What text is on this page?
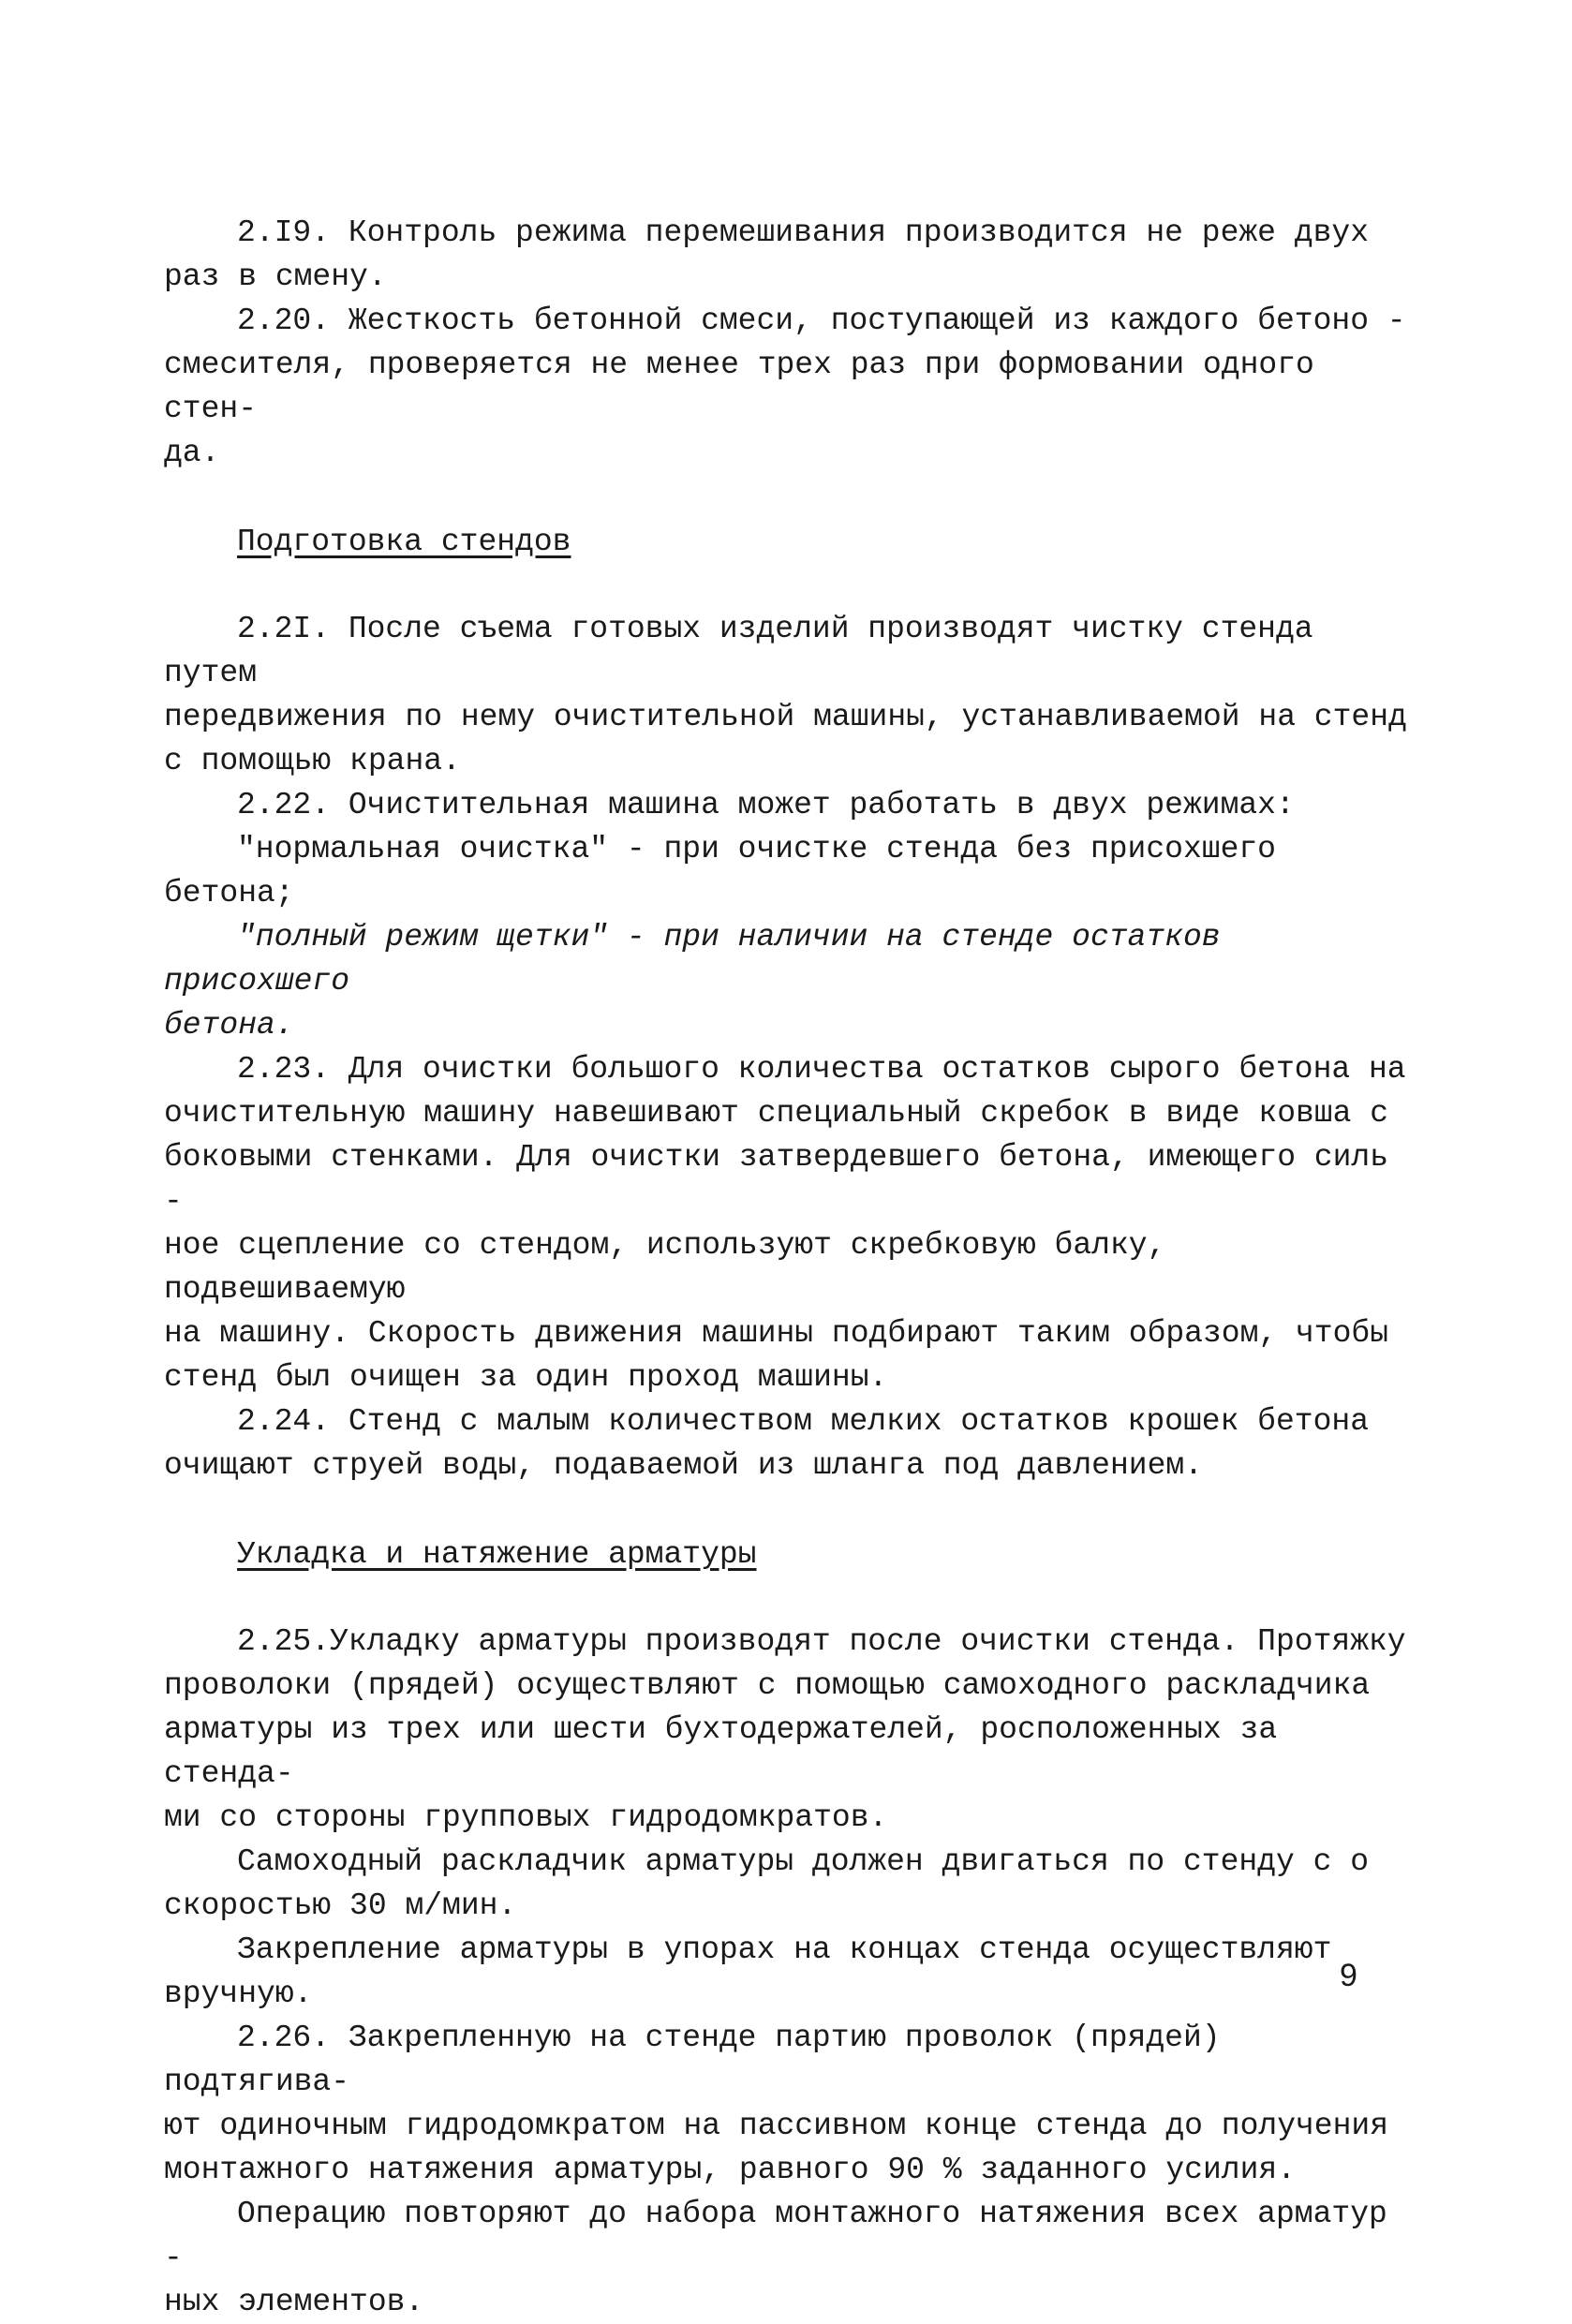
2.I9. Контроль режима перемешивания производится не реже двух
раз в смену.

2.20. Жесткость бетонной смеси, поступающей из каждого бетоно -
смесителя, проверяется не менее трех раз при формовании одного стен-
да.

Подготовка стендов

2.2I. После съема готовых изделий производят чистку стенда путем
передвижения по нему очистительной машины, устанавливаемой на стенд
с помощью крана.

2.22. Очистительная машина может работать в двух режимах:

"нормальная очистка" - при очистке стенда без присохшего бетона;

"полный режим щетки" - при наличии на стенде остатков присохшего
бетона.

2.23. Для очистки большого количества остатков сырого бетона на
очистительную машину навешивают специальный скребок в виде ковша с
боковыми стенками. Для очистки затвердевшего бетона, имеющего силь -
ное сцепление со стендом, используют скребковую балку, подвешиваемую
на машину. Скорость движения машины подбирают таким образом, чтобы
стенд был очищен за один проход машины.

2.24. Стенд с малым количеством мелких остатков крошек бетона
очищают струей воды, подаваемой из шланга под давлением.

Укладка и натяжение арматуры

2.25.Укладку арматуры производят после очистки стенда. Протяжку
проволоки (прядей) осуществляют с помощью самоходного раскладчика
арматуры из трех или шести бухтодержателей, росположенных за стенда-
ми со стороны групповых гидродомкратов.

Самоходный раскладчик арматуры должен двигаться по стенду с о
скоростью 30 м/мин.

Закрепление арматуры в упорах на концах стенда осуществляют
вручную.

2.26. Закрепленную на стенде партию проволок (прядей) подтягива-
ют одиночным гидродомкратом на пассивном конце стенда до получения
монтажного натяжения арматуры, равного 90 % заданного усилия.

Операцию повторяют до набора монтажного натяжения всех арматур -
ных элементов.

9
